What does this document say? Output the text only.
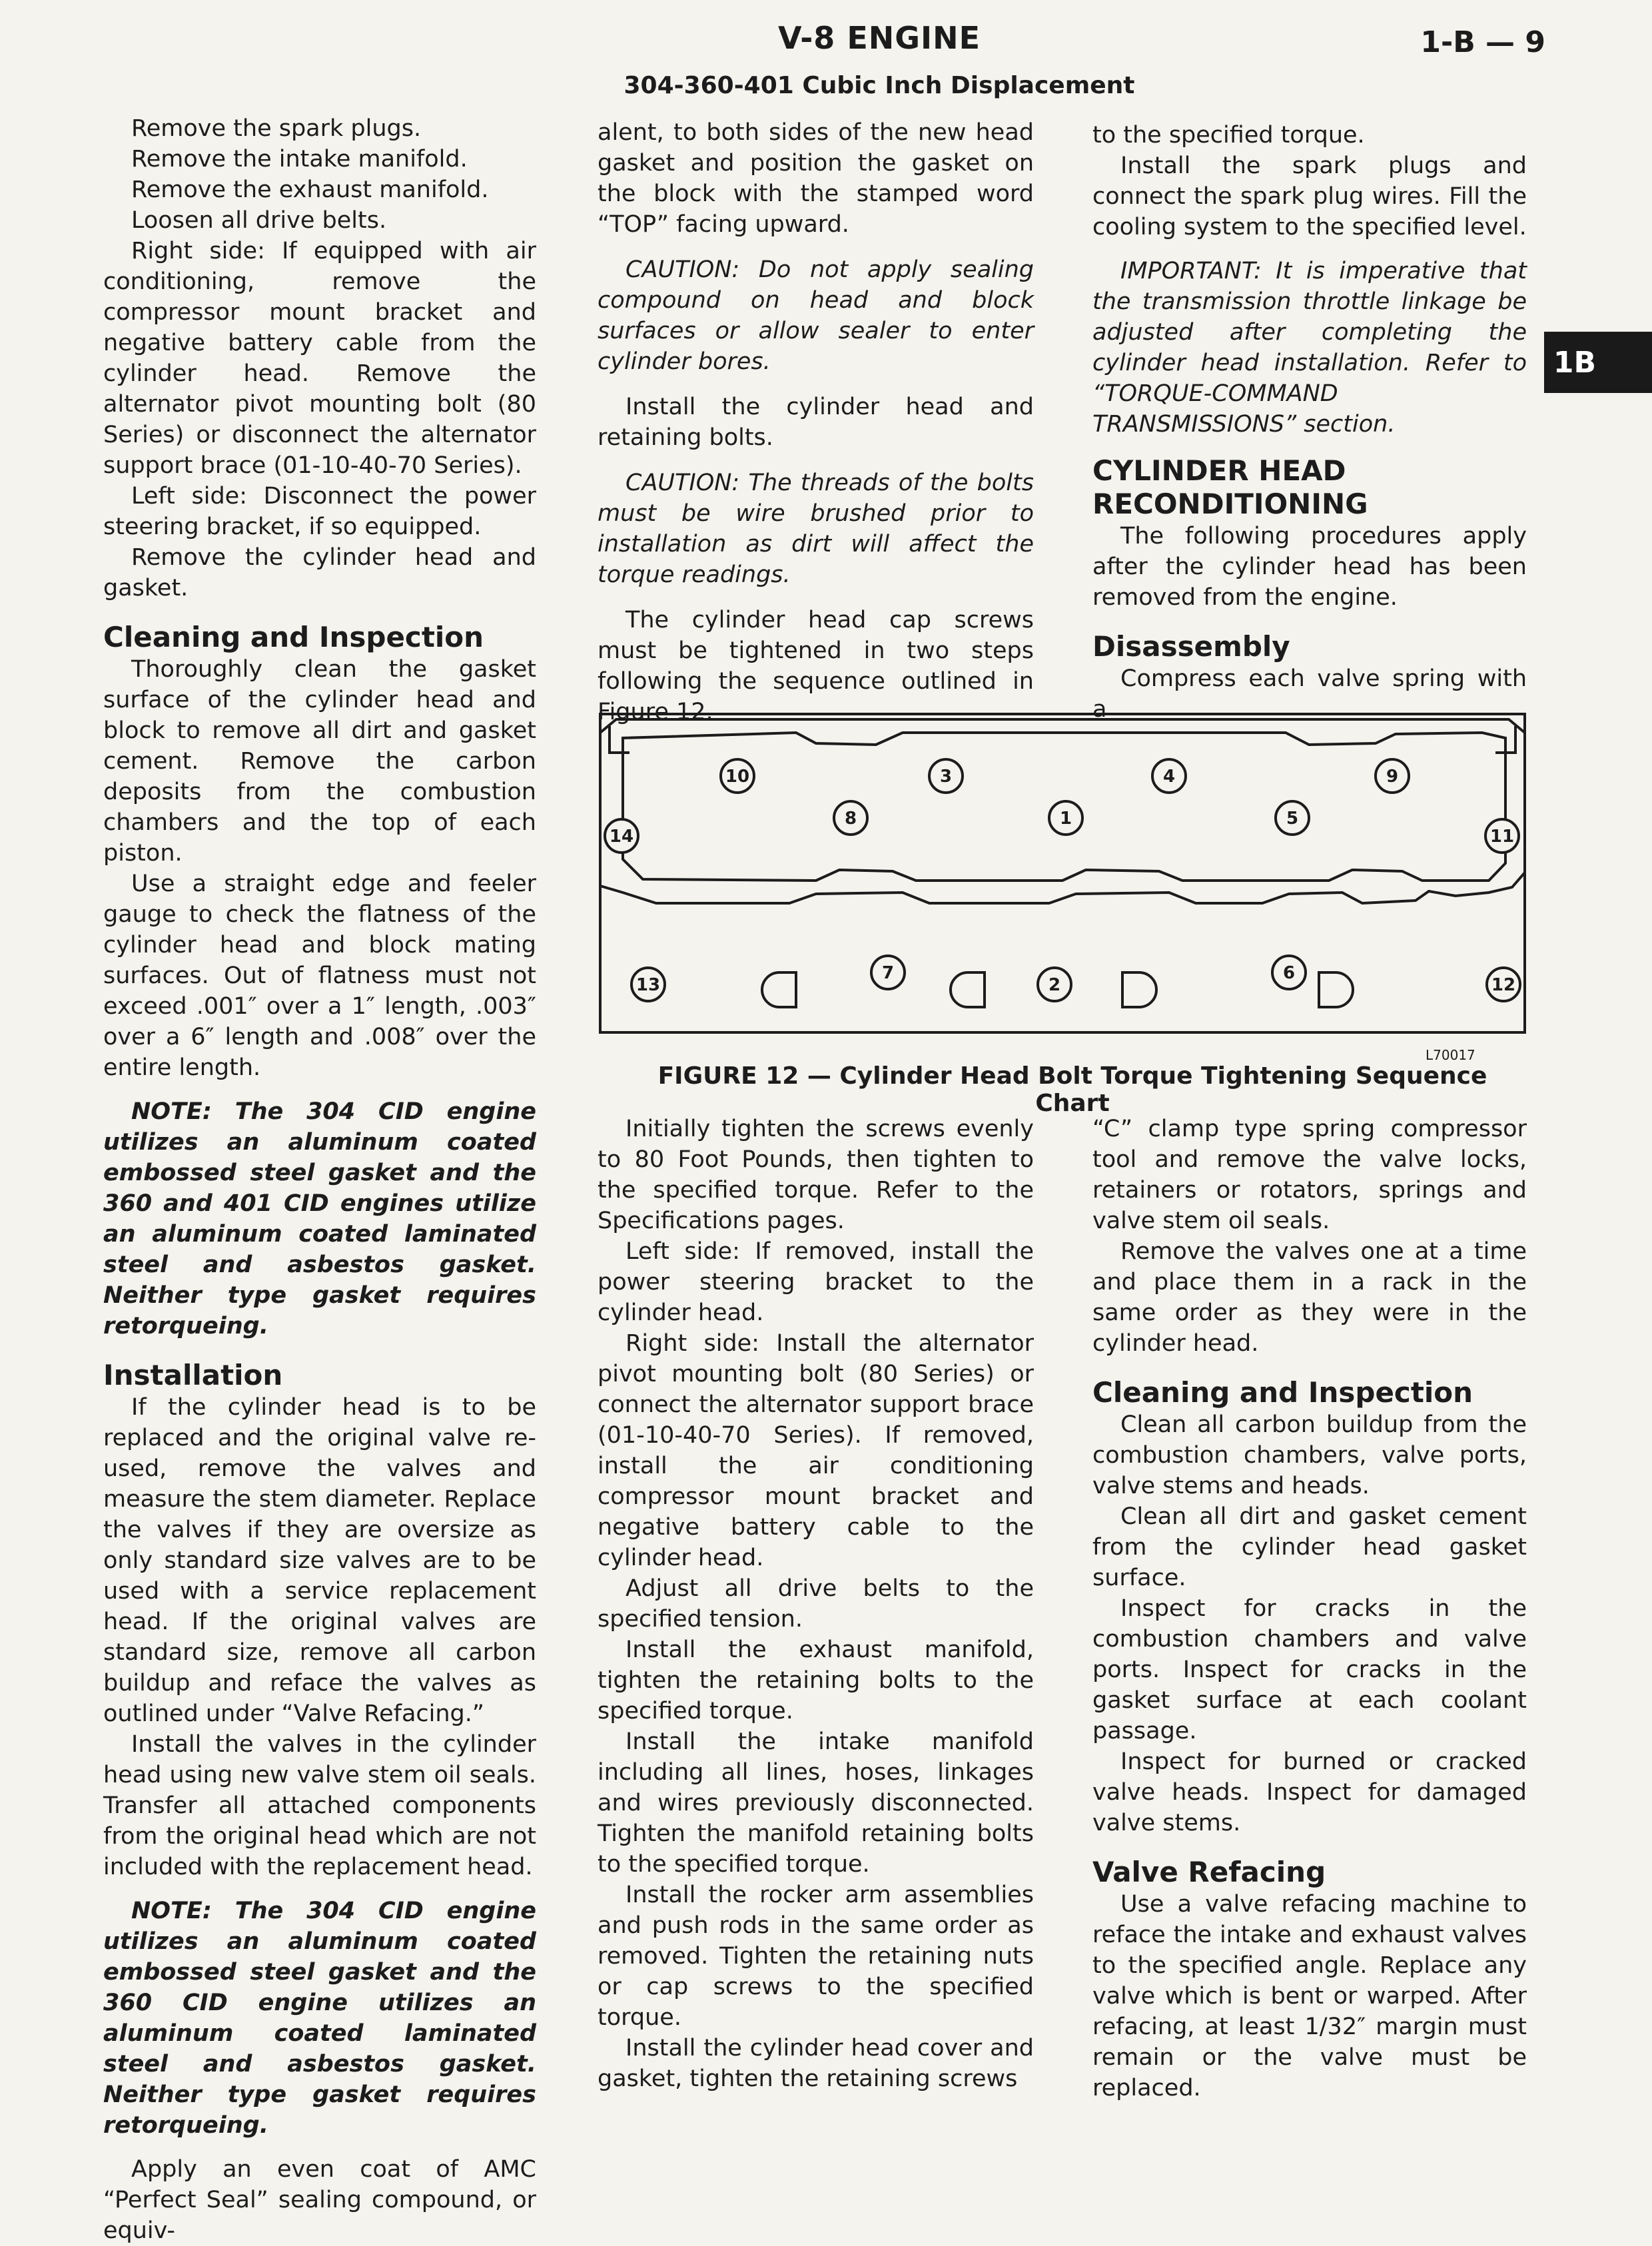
V-8 ENGINE
304-360-401 Cubic Inch Displacement
1-B — 9
1B

Remove the spark plugs.

Remove the intake manifold.

Remove the exhaust manifold.

Loosen all drive belts.

Right side: If equipped with air conditioning, remove the compressor mount bracket and negative battery cable from the cylinder head. Remove the alternator pivot mounting bolt (80 Series) or disconnect the alternator support brace (01-10-40-70 Series).

Left side: Disconnect the power steering bracket, if so equipped.

Remove the cylinder head and gasket.

Cleaning and Inspection

Thoroughly clean the gasket surface of the cylinder head and block to remove all dirt and gasket cement. Remove the carbon deposits from the combustion chambers and the top of each piston.

Use a straight edge and feeler gauge to check the flatness of the cylinder head and block mating surfaces. Out of flatness must not exceed .001″ over a 1″ length, .003″ over a 6″ length and .008″ over the entire length.

NOTE: The 304 CID engine utilizes an aluminum coated embossed steel gasket and the 360 and 401 CID engines utilize an aluminum coated laminated steel and asbestos gasket. Neither type gasket requires retorqueing.

Installation

If the cylinder head is to be replaced and the original valve re-used, remove the valves and measure the stem diameter. Replace the valves if they are oversize as only standard size valves are to be used with a service replacement head. If the original valves are standard size, remove all carbon buildup and reface the valves as outlined under “Valve Refacing.”

Install the valves in the cylinder head using new valve stem oil seals. Transfer all attached components from the original head which are not included with the replacement head.

NOTE: The 304 CID engine utilizes an aluminum coated embossed steel gasket and the 360 CID engine utilizes an aluminum coated laminated steel and asbestos gasket. Neither type gasket requires retorqueing.

Apply an even coat of AMC “Perfect Seal” sealing compound, or equiv-

alent, to both sides of the new head gasket and position the gasket on the block with the stamped word “TOP” facing upward.

CAUTION: Do not apply sealing compound on head and block surfaces or allow sealer to enter cylinder bores.

Install the cylinder head and retaining bolts.

CAUTION: The threads of the bolts must be wire brushed prior to installation as dirt will affect the torque readings.

The cylinder head cap screws must be tightened in two steps following the sequence outlined in Figure 12.

to the specified torque.

Install the spark plugs and connect the spark plug wires. Fill the cooling system to the specified level.

IMPORTANT: It is imperative that the transmission throttle linkage be adjusted after completing the cylinder head installation. Refer to “TORQUE-COMMAND TRANSMISSIONS” section.

CYLINDER HEAD RECONDITIONING

The following procedures apply after the cylinder head has been removed from the engine.

Disassembly

Compress each valve spring with a

10	3	4	9
8	1	5
14	11
13
7
2
6
12
L70017
FIGURE 12 — Cylinder Head Bolt Torque Tightening Sequence Chart

Initially tighten the screws evenly to 80 Foot Pounds, then tighten to the specified torque. Refer to the Specifications pages.

Left side: If removed, install the power steering bracket to the cylinder head.

Right side: Install the alternator pivot mounting bolt (80 Series) or connect the alternator support brace (01-10-40-70 Series). If removed, install the air conditioning compressor mount bracket and negative battery cable to the cylinder head.

Adjust all drive belts to the specified tension.

Install the exhaust manifold, tighten the retaining bolts to the specified torque.

Install the intake manifold including all lines, hoses, linkages and wires previously disconnected. Tighten the manifold retaining bolts to the specified torque.

Install the rocker arm assemblies and push rods in the same order as removed. Tighten the retaining nuts or cap screws to the specified torque.

Install the cylinder head cover and gasket, tighten the retaining screws

“C” clamp type spring compressor tool and remove the valve locks, retainers or rotators, springs and valve stem oil seals.

Remove the valves one at a time and place them in a rack in the same order as they were in the cylinder head.

Cleaning and Inspection

Clean all carbon buildup from the combustion chambers, valve ports, valve stems and heads.

Clean all dirt and gasket cement from the cylinder head gasket surface.

Inspect for cracks in the combustion chambers and valve ports. Inspect for cracks in the gasket surface at each coolant passage.

Inspect for burned or cracked valve heads. Inspect for damaged valve stems.

Valve Refacing

Use a valve refacing machine to reface the intake and exhaust valves to the specified angle. Replace any valve which is bent or warped. After refacing, at least 1/32″ margin must remain or the valve must be replaced.
